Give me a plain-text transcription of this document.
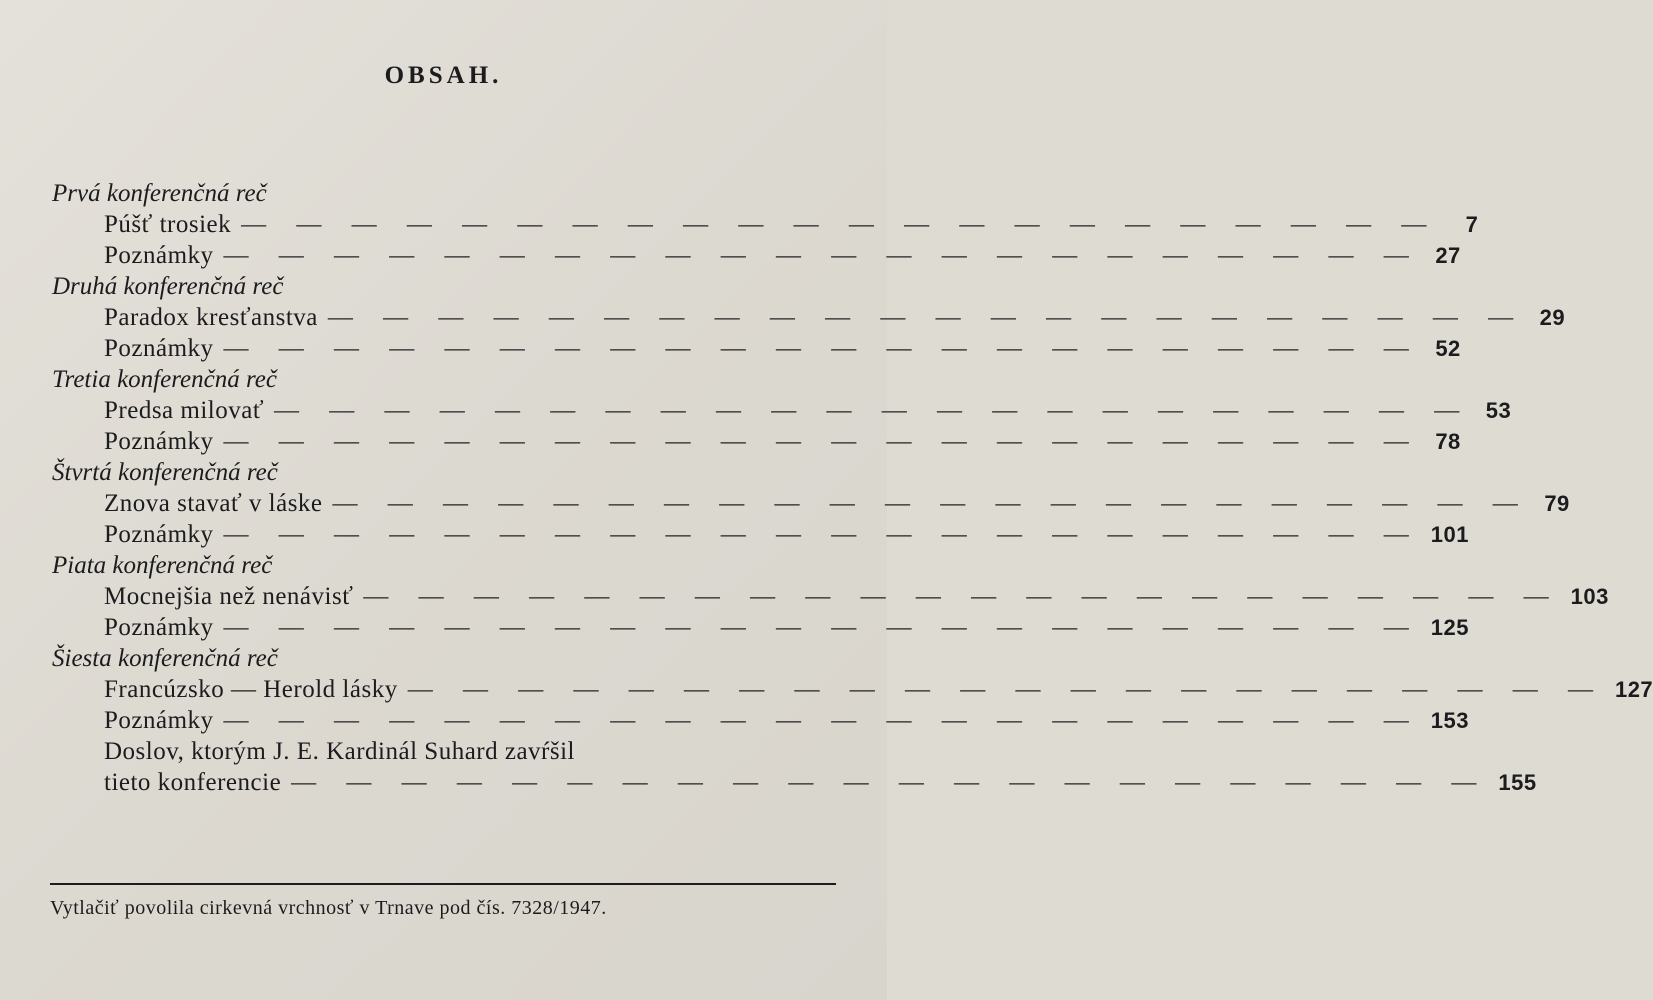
OBSAH.
Prvá konferenčná reč
Púšť trosiek — — — — — — — — — — — — — — — — — — — — — —	7
Poznámky — — — — — — — — — — — — — — — — — — — — — — 27
Druhá konferenčná reč
Paradox kresťanstva — — — — — — — — — — — — — — — — — — — — — — 29
Poznámky — — — — — — — — — — — — — — — — — — — — — — 52
Tretia konferenčná reč
Predsa milovať — — — — — — — — — — — — — — — — — — — — — — 53
Poznámky — — — — — — — — — — — — — — — — — — — — — — 78
Štvrtá konferenčná reč
Znova stavať v láske — — — — — — — — — — — — — — — — — — — — — — 79
Poznámky — — — — — — — — — — — — — — — — — — — — — — 101
Piata konferenčná reč
Mocnejšia než nenávisť — — — — — — — — — — — — — — — — — — — — — — 103
Poznámky — — — — — — — — — — — — — — — — — — — — — — 125
Šiesta konferenčná reč
Francúzsko — Herold lásky — — — — — — — — — — — — — — — — — — — — — — 127
Poznámky — — — — — — — — — — — — — — — — — — — — — — 153
Doslov, ktorým J. E. Kardinál Suhard zavŕšil
tieto konferencie — — — — — — — — — — — — — — — — — — — — — — 155
Vytlačiť povolila cirkevná vrchnosť v Trnave pod čís. 7328/1947.
